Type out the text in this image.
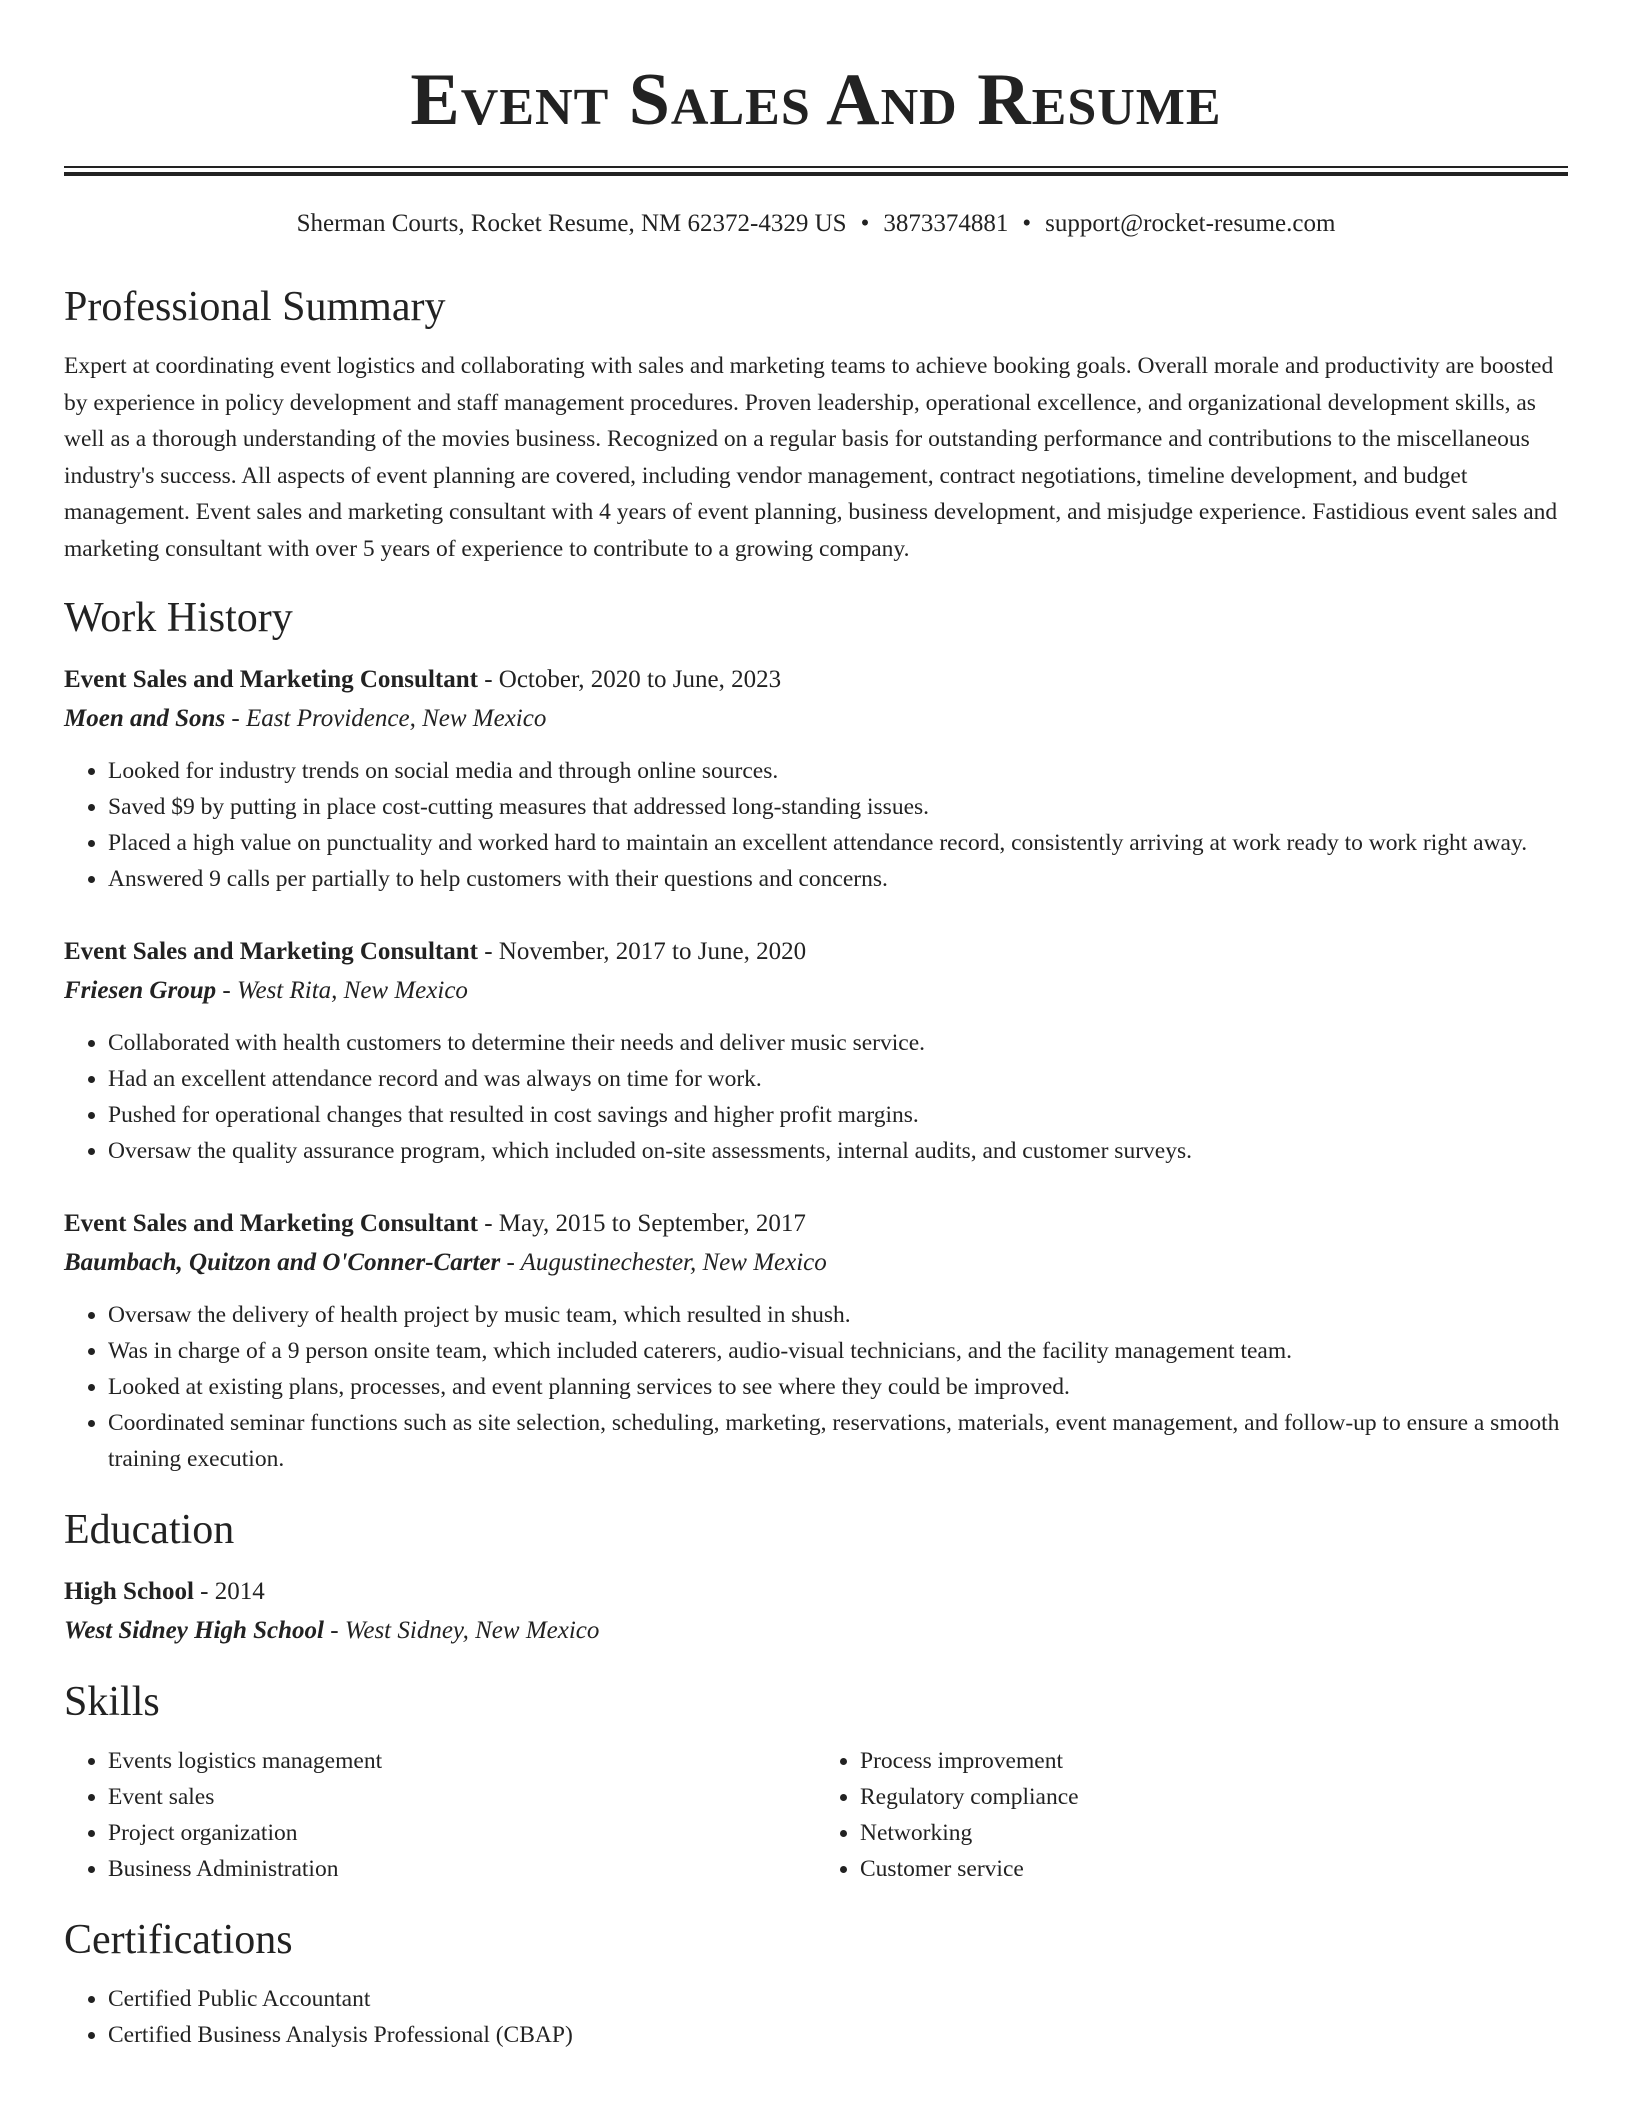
Event Sales And Resume
Sherman Courts, Rocket Resume, NM 62372-4329 US • 3873374881 • support@rocket-resume.com
Professional Summary

Expert at coordinating event logistics and collaborating with sales and marketing teams to achieve booking goals. Overall morale and productivity are boosted by experience in policy development and staff management procedures. Proven leadership, operational excellence, and organizational development skills, as well as a thorough understanding of the movies business. Recognized on a regular basis for outstanding performance and contributions to the miscellaneous industry's success. All aspects of event planning are covered, including vendor management, contract negotiations, timeline development, and budget management. Event sales and marketing consultant with 4 years of event planning, business development, and misjudge experience. Fastidious event sales and marketing consultant with over 5 years of experience to contribute to a growing company.

Work History
Event Sales and Marketing Consultant - October, 2020 to June, 2023
Moen and Sons - East Providence, New Mexico
• Looked for industry trends on social media and through online sources.
• Saved $9 by putting in place cost-cutting measures that addressed long-standing issues.
• Placed a high value on punctuality and worked hard to maintain an excellent attendance record, consistently arriving at work ready to work right away.
• Answered 9 calls per partially to help customers with their questions and concerns.
Event Sales and Marketing Consultant - November, 2017 to June, 2020
Friesen Group - West Rita, New Mexico
• Collaborated with health customers to determine their needs and deliver music service.
• Had an excellent attendance record and was always on time for work.
• Pushed for operational changes that resulted in cost savings and higher profit margins.
• Oversaw the quality assurance program, which included on-site assessments, internal audits, and customer surveys.
Event Sales and Marketing Consultant - May, 2015 to September, 2017
Baumbach, Quitzon and O'Conner-Carter - Augustinechester, New Mexico
• Oversaw the delivery of health project by music team, which resulted in shush.
• Was in charge of a 9 person onsite team, which included caterers, audio-visual technicians, and the facility management team.
• Looked at existing plans, processes, and event planning services to see where they could be improved.
• Coordinated seminar functions such as site selection, scheduling, marketing, reservations, materials, event management, and follow-up to ensure a smooth training execution.
Education
High School - 2014
West Sidney High School - West Sidney, New Mexico
Skills
• Events logistics management
• Event sales
• Project organization
• Business Administration
• Process improvement
• Regulatory compliance
• Networking
• Customer service
Certifications
• Certified Public Accountant
• Certified Business Analysis Professional (CBAP)
